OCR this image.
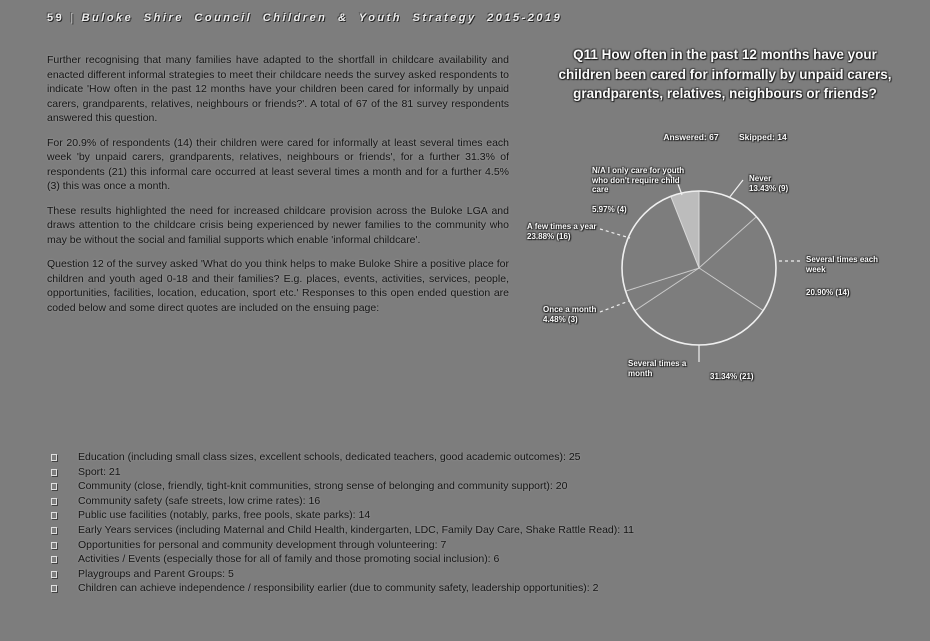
59 | Buloke Shire Council Children & Youth Strategy 2015-2019

Further recognising that many families have adapted to the shortfall in childcare availability and enacted different informal strategies to meet their childcare needs the survey asked respondents to indicate 'How often in the past 12 months have your children been cared for informally by unpaid carers, grandparents, relatives, neighbours or friends?'. A total of 67 of the 81 survey respondents answered this question.

For 20.9% of respondents (14) their children were cared for informally at least several times each week 'by unpaid carers, grandparents, relatives, neighbours or friends', for a further 31.3% of respondents (21) this informal care occurred at least several times a month and for a further 4.5% (3) this was once a month.

These results highlighted the need for increased childcare provision across the Buloke LGA and draws attention to the childcare crisis being experienced by newer families to the community who may be without the social and familial supports which enable 'informal childcare'.

Question 12 of the survey asked 'What do you think helps to make Buloke Shire a positive place for children and youth aged 0-18 and their families? E.g. places, events, activities, services, people, opportunities, facilities, location, education, sport etc.' Responses to this open ended question are coded below and some direct quotes are included on the ensuing page:

Education (including small class sizes, excellent schools, dedicated teachers, good academic outcomes): 25
Sport: 21
Community (close, friendly, tight-knit communities, strong sense of belonging and community support): 20
Community safety (safe streets, low crime rates): 16
Public use facilities (notably, parks, free pools, skate parks): 14
Early Years services (including Maternal and Child Health, kindergarten, LDC, Family Day Care, Shake Rattle Read): 11
Opportunities for personal and community development through volunteering: 7
Activities / Events (especially those for all of family and those promoting social inclusion): 6
Playgroups and Parent Groups: 5
Children can achieve independence / responsibility earlier (due to community safety, leadership opportunities): 2
Q11 How often in the past 12 months have your children been cared for informally by unpaid carers, grandparents, relatives, neighbours or friends?
Answered: 67 Skipped: 14
N/A I only care for youth who don't require child care
5.97% (4)
Never
13.43% (9)
A few times a year
23.88% (16)
Several times each week
20.90% (14)
Once a month
4.48% (3)
Several times a month	31.34% (21)
